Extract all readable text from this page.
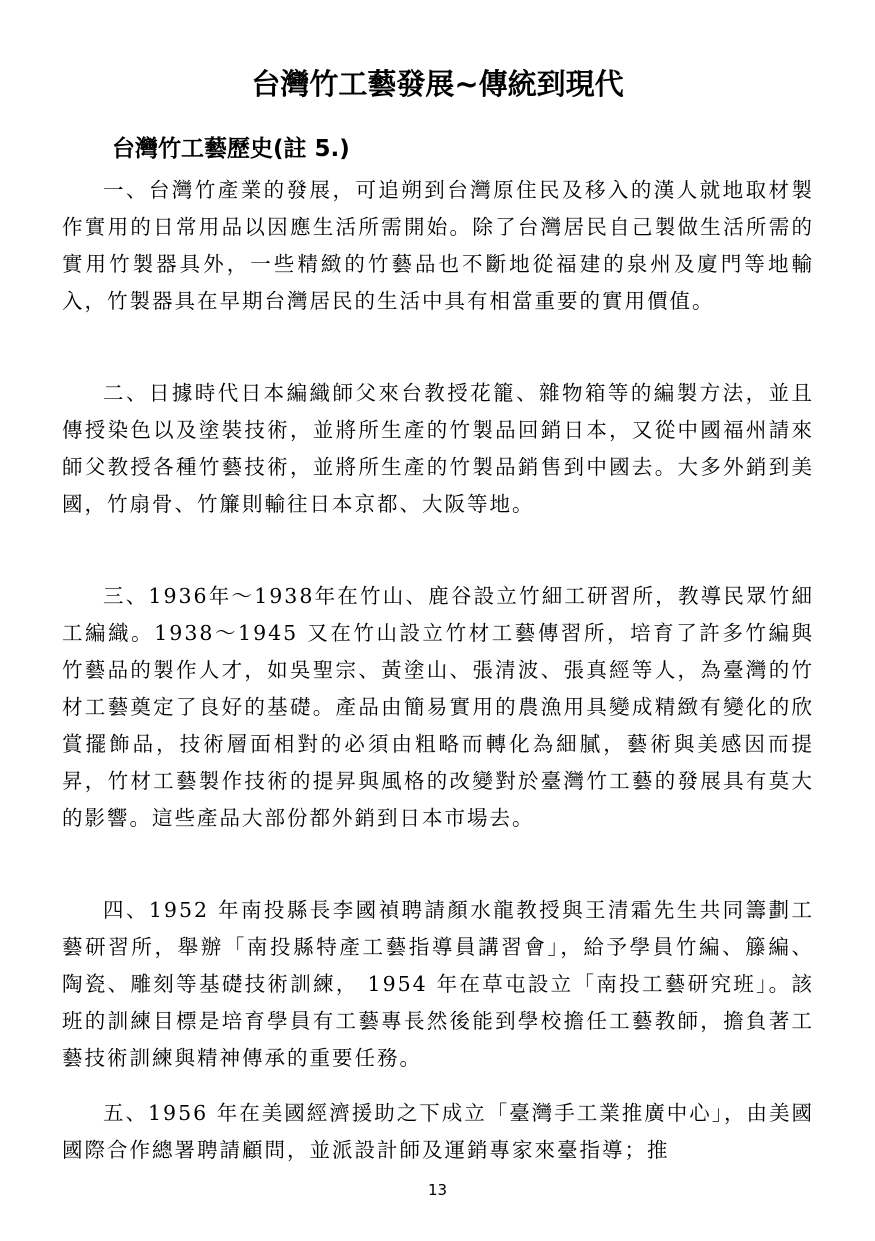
台灣竹工藝發展~傳統到現代
台灣竹工藝歷史(註 5.)

一、台灣竹產業的發展，可追朔到台灣原住民及移入的漢人就地取材製作實用的日常用品以因應生活所需開始。除了台灣居民自己製做生活所需的實用竹製器具外，一些精緻的竹藝品也不斷地從福建的泉州及廈門等地輸入，竹製器具在早期台灣居民的生活中具有相當重要的實用價值。

二、日據時代日本編織師父來台教授花籠、雜物箱等的編製方法，並且傳授染色以及塗裝技術，並將所生產的竹製品回銷日本，又從中國福州請來師父教授各種竹藝技術，並將所生產的竹製品銷售到中國去。大多外銷到美國，竹扇骨、竹簾則輸往日本京都、大阪等地。

三、1936年～1938年在竹山、鹿谷設立竹細工研習所，教導民眾竹細工編織。1938～1945 又在竹山設立竹材工藝傳習所，培育了許多竹編與竹藝品的製作人才，如吳聖宗、黃塗山、張清波、張真經等人，為臺灣的竹材工藝奠定了良好的基礎。產品由簡易實用的農漁用具變成精緻有變化的欣賞擺飾品，技術層面相對的必須由粗略而轉化為細膩，藝術與美感因而提昇，竹材工藝製作技術的提昇與風格的改變對於臺灣竹工藝的發展具有莫大的影響。這些產品大部份都外銷到日本市場去。

四、1952 年南投縣長李國禎聘請顏水龍教授與王清霜先生共同籌劃工藝研習所，舉辦「南投縣特產工藝指導員講習會」，給予學員竹編、籐編、陶瓷、雕刻等基礎技術訓練， 1954 年在草屯設立「南投工藝研究班」。該班的訓練目標是培育學員有工藝專長然後能到學校擔任工藝教師，擔負著工藝技術訓練與精神傳承的重要任務。

五、1956 年在美國經濟援助之下成立「臺灣手工業推廣中心」，由美國國際合作總署聘請顧問，並派設計師及運銷專家來臺指導；推

13
